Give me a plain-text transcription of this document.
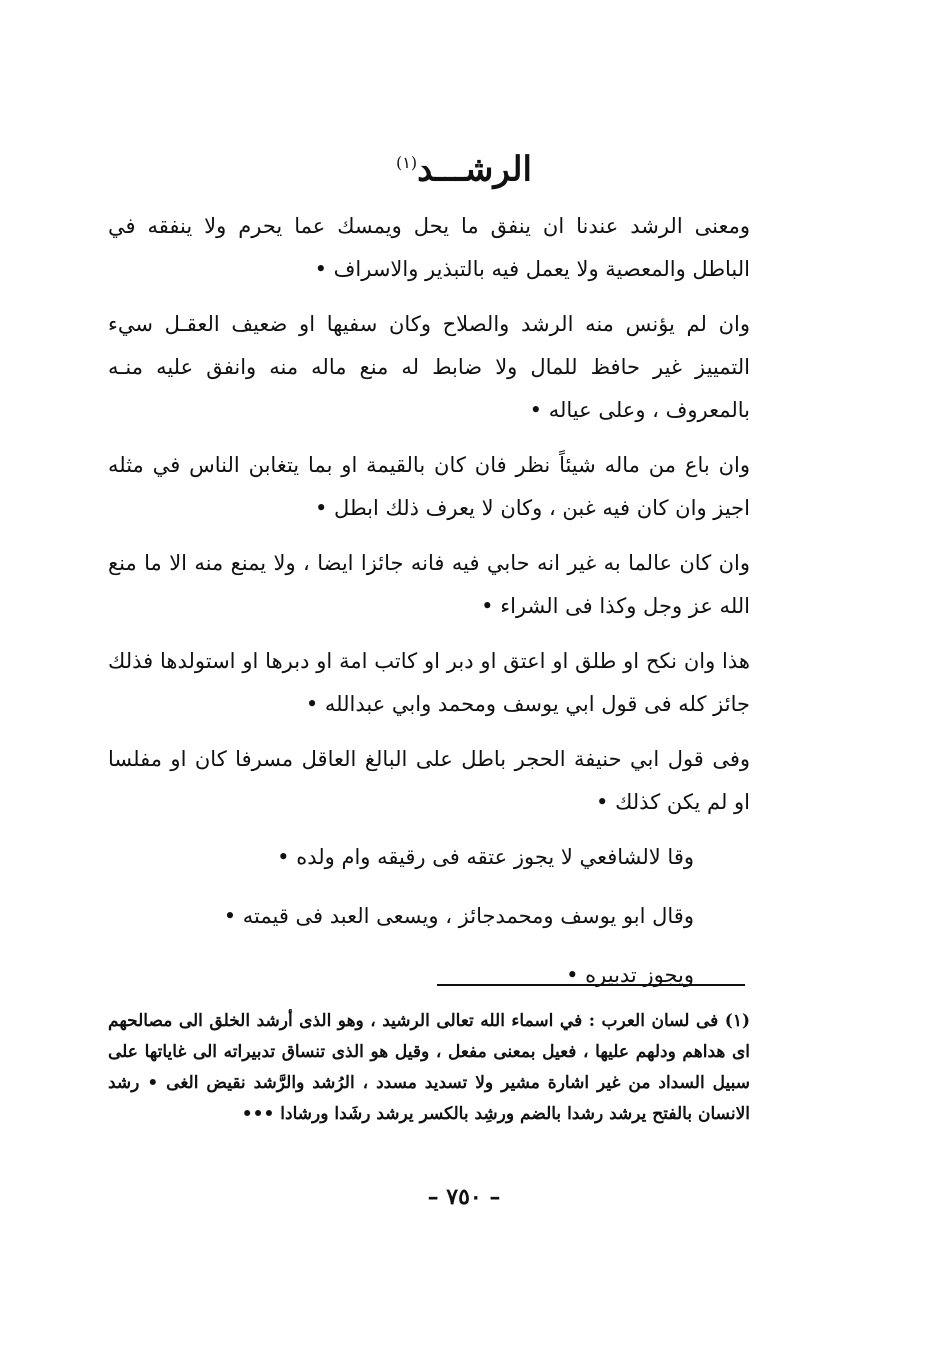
الرشـــد$^{(١)}$

ومعنى الرشد عندنا ان ينفق ما يحل ويمسك عما يحرم ولا ينفقه في الباطل والمعصية ولا يعمل فيه بالتبذير والاسراف •

وان لم يؤنس منه الرشد والصلاح وكان سفيها او ضعيف العقـل سيء التمييز غير حافظ للمال ولا ضابط له منع ماله منه وانفق عليه منـه بالمعروف ، وعلى عياله •

وان باع من ماله شيئاً نظر فان كان بالقيمة او بما يتغابن الناس في مثله اجيز وان كان فيه غبن ، وكان لا يعرف ذلك ابطل •

وان كان عالما به غير انه حابي فيه فانه جائزا ايضا ، ولا يمنع منه الا ما منع الله عز وجل وكذا فى الشراء •

هذا وان نكح او طلق او اعتق او دبر او كاتب امة او دبرها او استولدها فذلك جائز كله فى قول ابي يوسف ومحمد وابي عبدالله •

وفى قول ابي حنيفة الحجر باطل على البالغ العاقل مسرفا كان او مفلسا او لم يكن كذلك •

وقا لالشافعي لا يجوز عتقه فى رقيقه وام ولده •

وقال ابو يوسف ومحمدجائز ، ويسعى العبد فى قيمته •

ويجوز تدبيره •

(١) فى لسان العرب : في اسماء الله تعالى الرشيد ، وهو الذى أرشد الخلق الى مصالحهم اى هداهم ودلهم عليها ، فعيل بمعنى مفعل ، وقيل هو الذى تنساق تدبيراته الى غاياتها على سبيل السداد من غير اشارة مشير ولا تسديد مسدد ، الرُشد والرَّشد نقيض الغى • رشد الانسان بالفتح يرشد رشدا بالضم ورشِد بالكسر يرشد رشَدا ورشادا •••
– ٧٥٠ –
